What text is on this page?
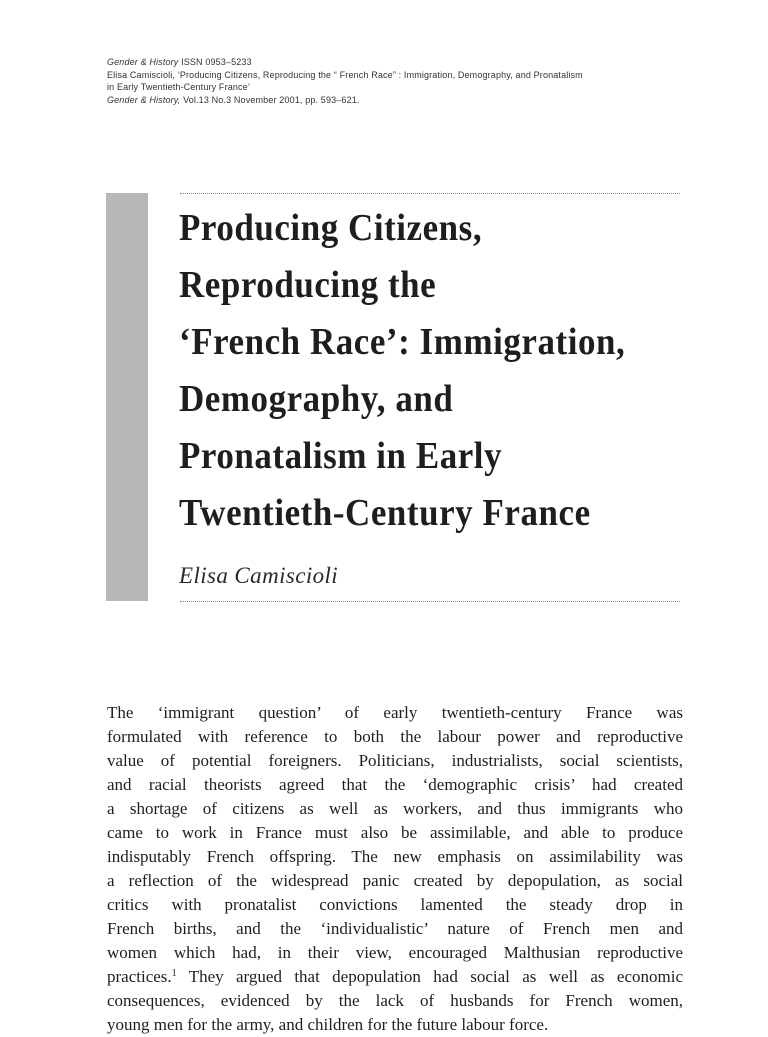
Gender & History ISSN 0953–5233
Elisa Camiscioli, ‘Producing Citizens, Reproducing the “ French Race” : Immigration, Demography, and Pronatalism
in Early Twentieth-Century France’
Gender & History, Vol.13 No.3 November 2001, pp. 593–621.
Producing Citizens,
Reproducing the
‘French Race’: Immigration,
Demography, and
Pronatalism in Early
Twentieth-Century France
Elisa Camiscioli
The ‘immigrant question’ of early twentieth-century France was
formulated with reference to both the labour power and reproductive
value of potential foreigners. Politicians, industrialists, social scientists,
and racial theorists agreed that the ‘demographic crisis’ had created
a shortage of citizens as well as workers, and thus immigrants who
came to work in France must also be assimilable, and able to produce
indisputably French offspring. The new emphasis on assimilability was
a reflection of the widespread panic created by depopulation, as social
critics with pronatalist convictions lamented the steady drop in
French births, and the ‘individualistic’ nature of French men and
women which had, in their view, encouraged Malthusian reproductive
practices.$^1$ They argued that depopulation had social as well as economic
consequences, evidenced by the lack of husbands for French women,
young men for the army, and children for the future labour force.
